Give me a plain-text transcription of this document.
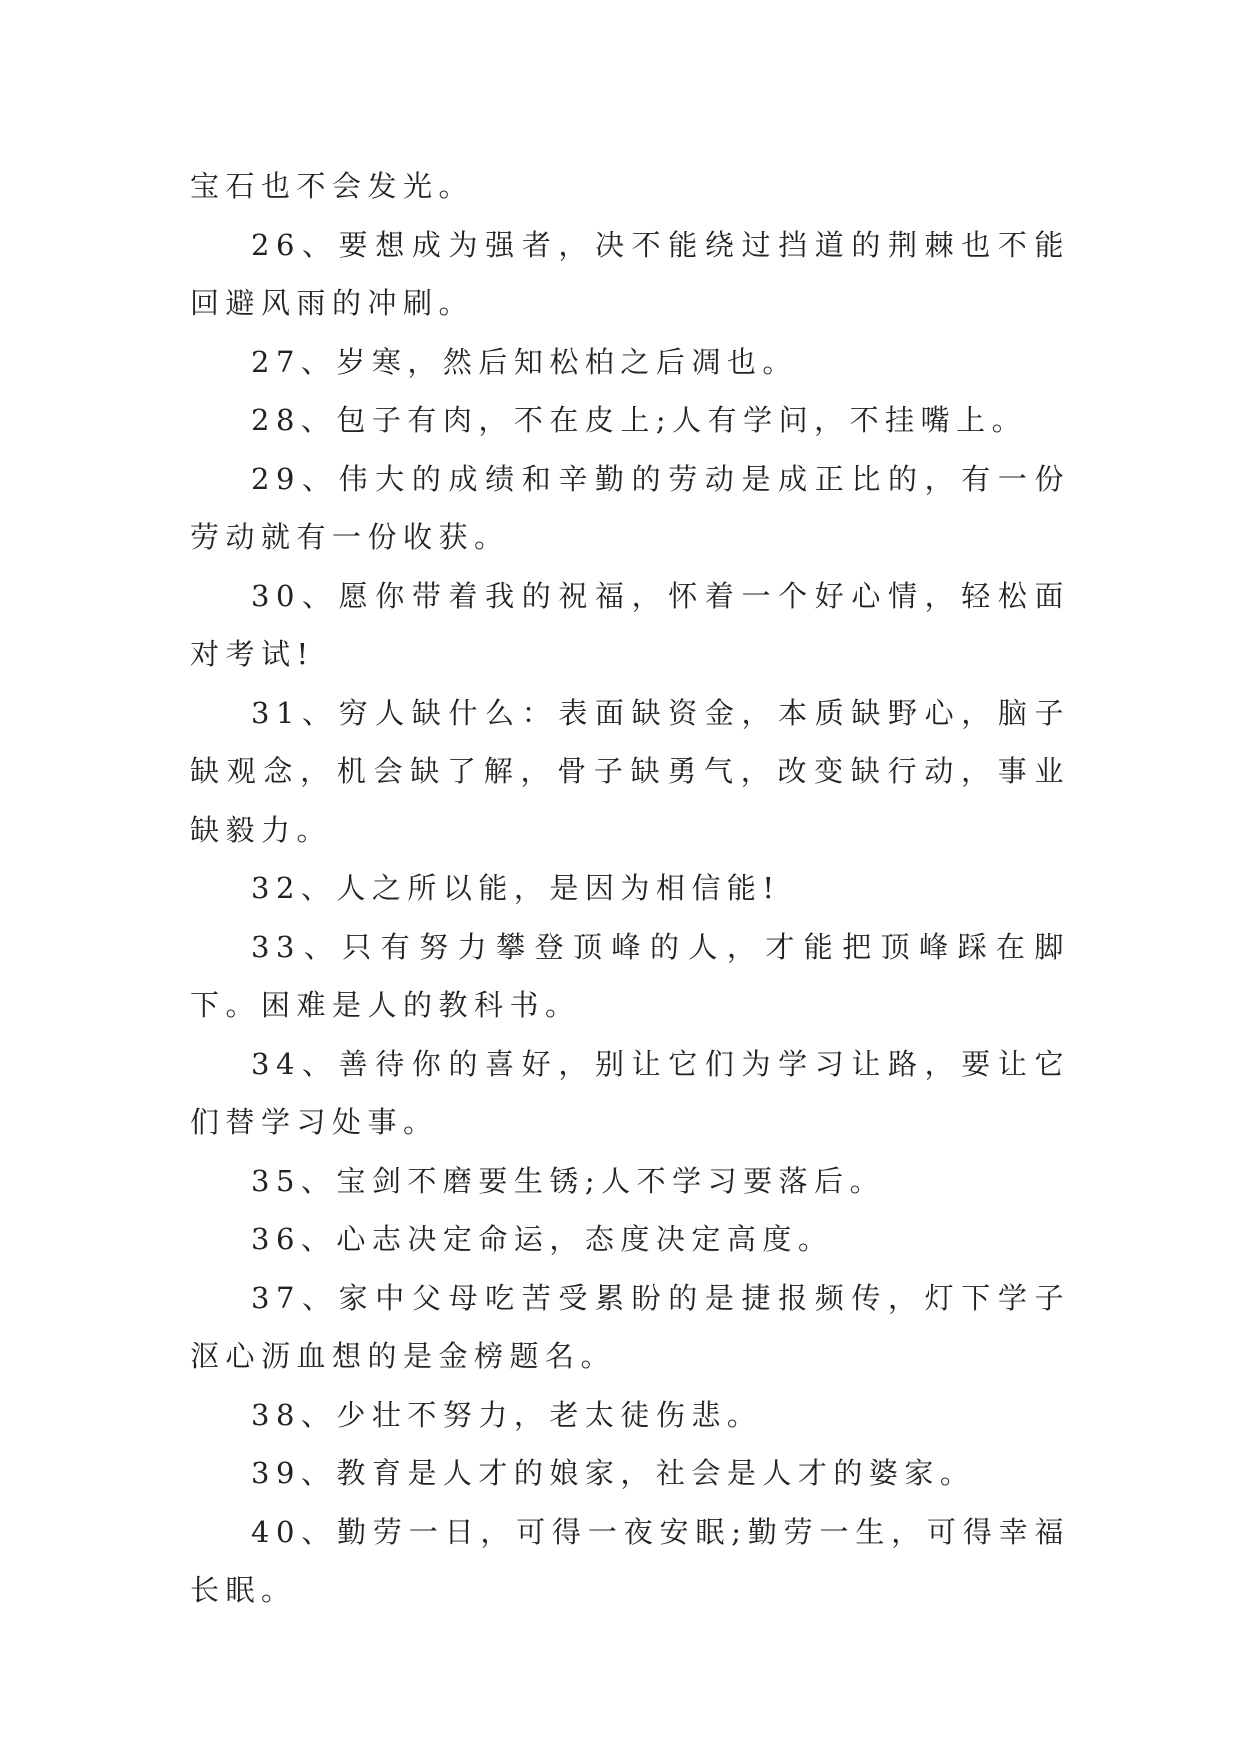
宝石也不会发光。

26、要想成为强者，决不能绕过挡道的荆棘也不能回避风雨的冲刷。

27、岁寒，然后知松柏之后凋也。

28、包子有肉，不在皮上;人有学问，不挂嘴上。

29、伟大的成绩和辛勤的劳动是成正比的，有一份劳动就有一份收获。

30、愿你带着我的祝福，怀着一个好心情，轻松面对考试!

31、穷人缺什么：表面缺资金，本质缺野心，脑子缺观念，机会缺了解，骨子缺勇气，改变缺行动，事业缺毅力。

32、人之所以能，是因为相信能!

33、只有努力攀登顶峰的人，才能把顶峰踩在脚下。困难是人的教科书。

34、善待你的喜好，别让它们为学习让路，要让它们替学习处事。

35、宝剑不磨要生锈;人不学习要落后。

36、心志决定命运，态度决定高度。

37、家中父母吃苦受累盼的是捷报频传，灯下学子沤心沥血想的是金榜题名。

38、少壮不努力，老太徒伤悲。

39、教育是人才的娘家，社会是人才的婆家。

40、勤劳一日，可得一夜安眠;勤劳一生，可得幸福长眠。
